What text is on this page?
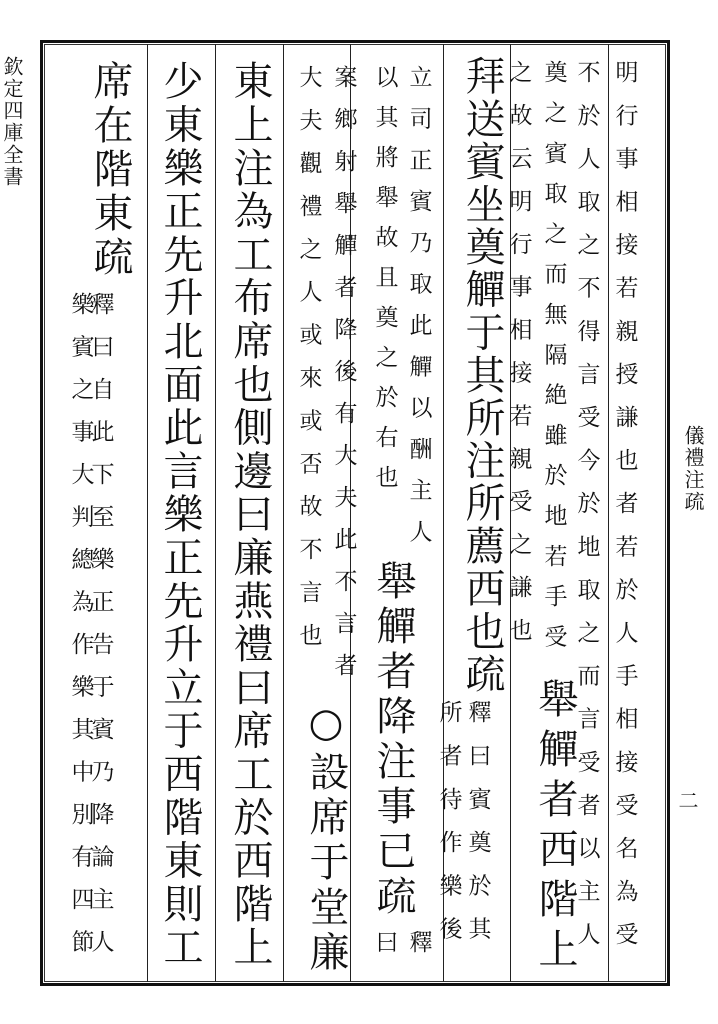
欽定四庫全書
儀禮注疏
二
明行事相接若親授謙也者若於人手相接受名為受
不於人取之不得言受今於地取之而言受者以主人
奠之賓取之而無隔絶雖於地若手受
舉觶者西階上
之故云明行事相接若親受之謙也
拜送賓坐奠觶于其所注所薦西也疏
釋曰賓奠於其
所者待作樂後
立司正賓乃取此觶以酬主人
舉觶者降注事已疏
釋
以其將舉故且奠之於右也
曰
案鄉射舉觶者降後有大夫此不言者
○設席于堂廉
大夫觀禮之人或來或否故不言也
東上注為工布席也側邊曰廉燕禮曰席工於西階上
少東樂正先升北面此言樂正先升立于西階東則工
席在階東疏
釋曰自此下至樂正告于賓乃降論主人
樂賓之事大判總為作樂其中別有四節
